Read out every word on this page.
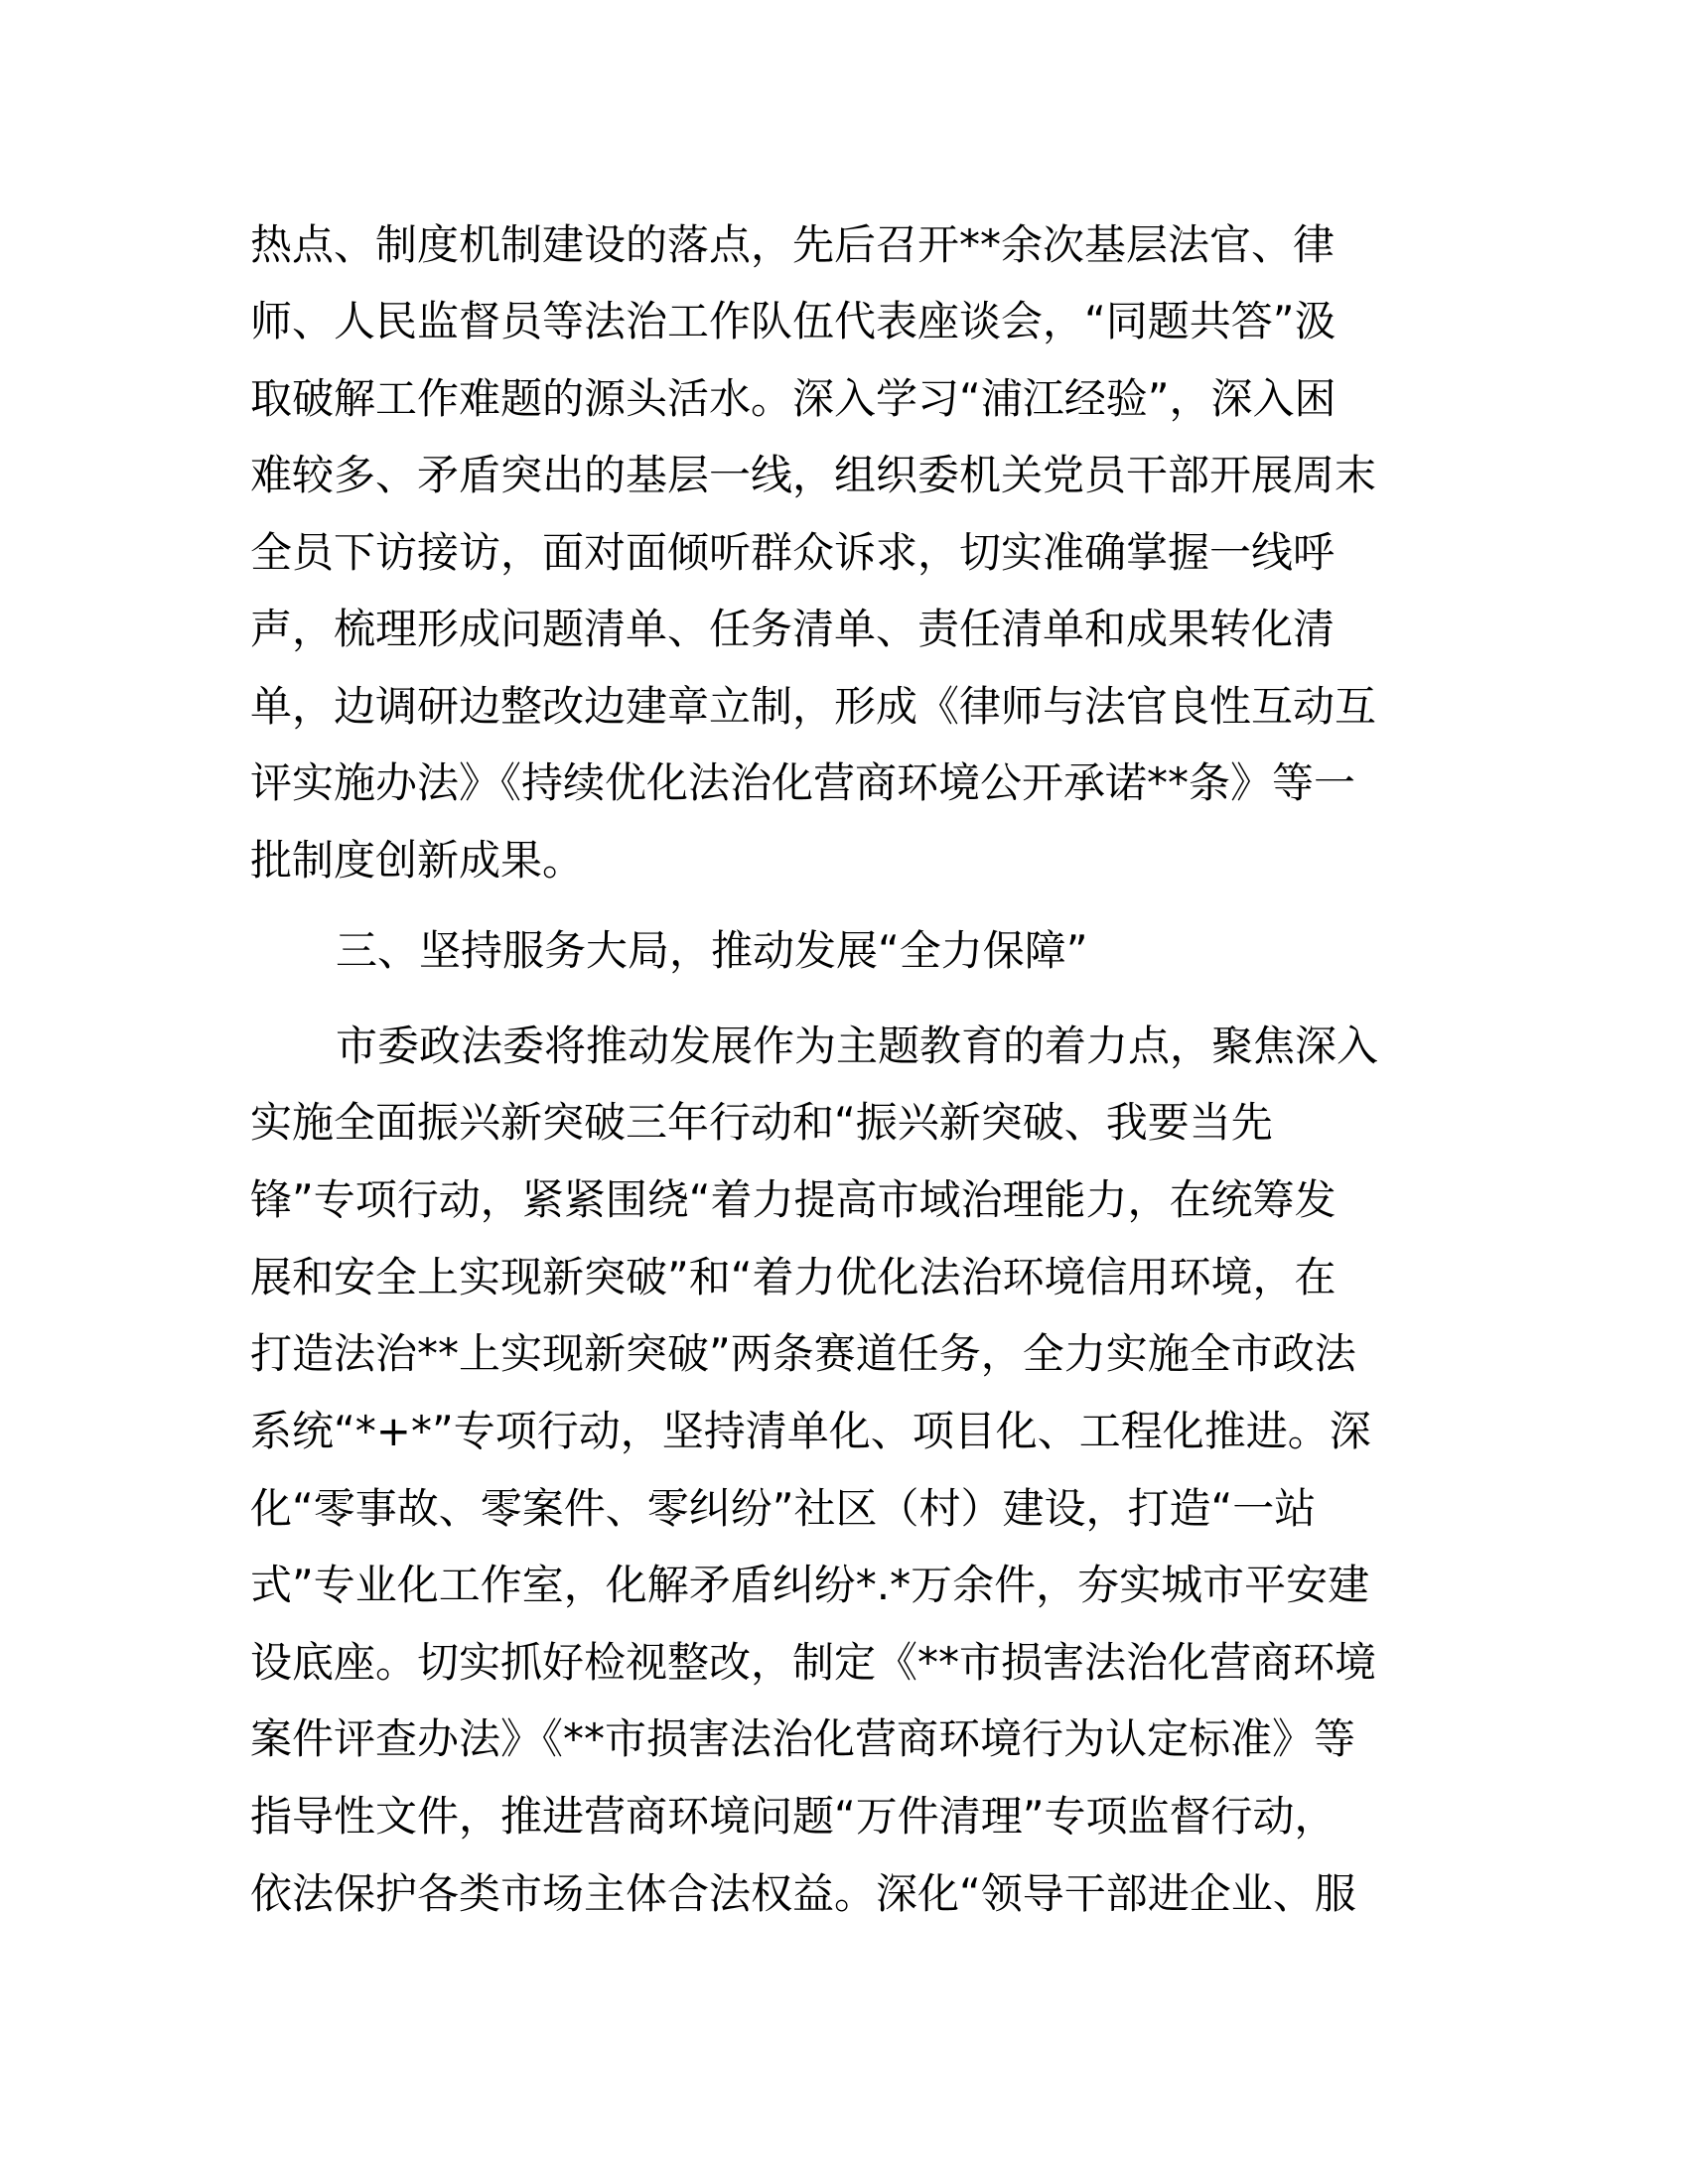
热点、制度机制建设的落点，先后召开**余次基层法官、律
师、人民监督员等法治工作队伍代表座谈会，“同题共答”汲
取破解工作难题的源头活水。深入学习“浦江经验”，深入困
难较多、矛盾突出的基层一线，组织委机关党员干部开展周末
全员下访接访，面对面倾听群众诉求，切实准确掌握一线呼
声，梳理形成问题清单、任务清单、责任清单和成果转化清
单，边调研边整改边建章立制，形成《律师与法官良性互动互
评实施办法》《持续优化法治化营商环境公开承诺**条》等一
批制度创新成果。
三、坚持服务大局，推动发展“全力保障”
市委政法委将推动发展作为主题教育的着力点，聚焦深入
实施全面振兴新突破三年行动和“振兴新突破、我要当先
锋”专项行动，紧紧围绕“着力提高市域治理能力，在统筹发
展和安全上实现新突破”和“着力优化法治环境信用环境，在
打造法治**上实现新突破”两条赛道任务，全力实施全市政法
系统“*+*”专项行动，坚持清单化、项目化、工程化推进。深
化“零事故、零案件、零纠纷”社区（村）建设，打造“一站
式”专业化工作室，化解矛盾纠纷*.*万余件，夯实城市平安建
设底座。切实抓好检视整改，制定《**市损害法治化营商环境
案件评查办法》《**市损害法治化营商环境行为认定标准》等
指导性文件，推进营商环境问题“万件清理”专项监督行动，
依法保护各类市场主体合法权益。深化“领导干部进企业、服
